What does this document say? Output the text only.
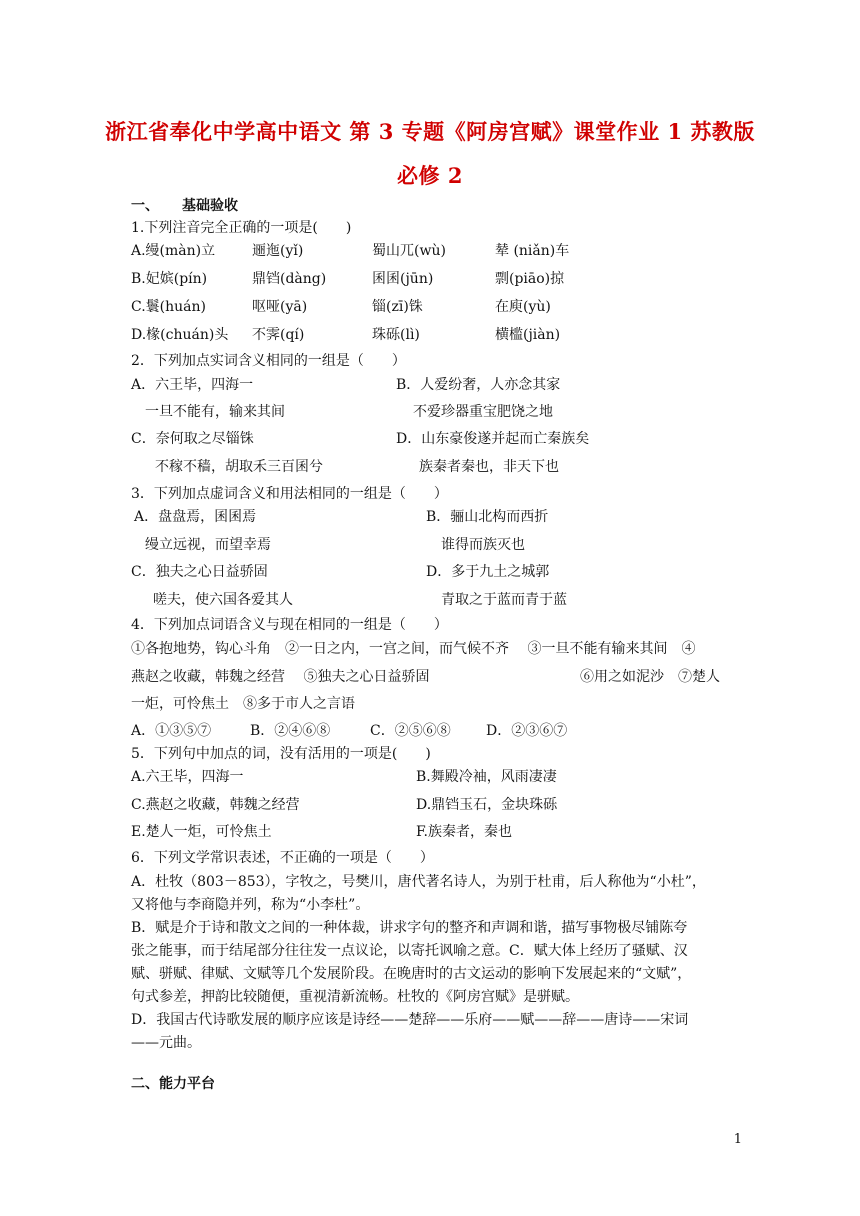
浙江省奉化中学高中语文 第 3 专题《阿房宫赋》课堂作业 1 苏教版
必修 2
一、 基础验收
1.下列注音完全正确的一项是(　　)
A.缦(màn)立	逦迤(yǐ)	蜀山兀(wù)	辇 (niǎn)车
B.妃嫔(pín)	鼎铛(dàng)	囷囷(jūn)	剽(piāo)掠
C.鬟(huán)	呕哑(yā)	锱(zī)铢	在庾(yù)
D.椽(chuán)头 不霁(qí)	珠砾(lì)	横槛(jiàn)
2．下列加点实词含义相同的一组是（　　）
A．六王毕，四海一	B．人爱纷奢，人亦念其家
一旦不能有，输来其间	不爱珍器重宝肥饶之地
C．奈何取之尽锱铢	D．山东豪俊遂并起而亡秦族矣
不稼不穑，胡取禾三百囷兮	族秦者秦也，非天下也
3．下列加点虚词含义和用法相同的一组是（　　）
A．盘盘焉，囷囷焉	B．骊山北构而西折
缦立远视，而望幸焉	谁得而族灭也
C．独夫之心日益骄固	D．多于九土之城郭
嗟夫，使六国各爱其人	青取之于蓝而青于蓝
4．下列加点词语含义与现在相同的一组是（　　）
①各抱地势，钩心斗角　②一日之内，一宫之间，而气候不齐　 ③一旦不能有输来其间　④
燕赵之收藏，韩魏之经营　 ⑤独夫之心日益骄固	⑥用之如泥沙　⑦楚人
一炬，可怜焦土　⑧多于市人之言语
A．①③⑤⑦	B．②④⑥⑧	C．②⑤⑥⑧	D．②③⑥⑦
5．下列句中加点的词，没有活用的一项是(　　)
A.六王毕，四海一	B.舞殿冷袖，风雨凄凄
C.燕赵之收藏，韩魏之经营	D.鼎铛玉石，金块珠砾
E.楚人一炬，可怜焦土	F.族秦者，秦也
6．下列文学常识表述，不正确的一项是（　　）
A．杜牧（803－853），字牧之，号樊川，唐代著名诗人，为别于杜甫，后人称他为“小杜”，
又将他与李商隐并列，称为“小李杜”。
B．赋是介于诗和散文之间的一种体裁，讲求字句的整齐和声调和谐，描写事物极尽铺陈夸
张之能事，而于结尾部分往往发一点议论，以寄托讽喻之意。C．赋大体上经历了骚赋、汉
赋、骈赋、律赋、文赋等几个发展阶段。在晚唐时的古文运动的影响下发展起来的“文赋”，
句式参差，押韵比较随便，重视清新流畅。杜牧的《阿房宫赋》是骈赋。
D．我国古代诗歌发展的顺序应该是诗经——楚辞——乐府——赋——辞——唐诗——宋词
——元曲。
二、能力平台
1
